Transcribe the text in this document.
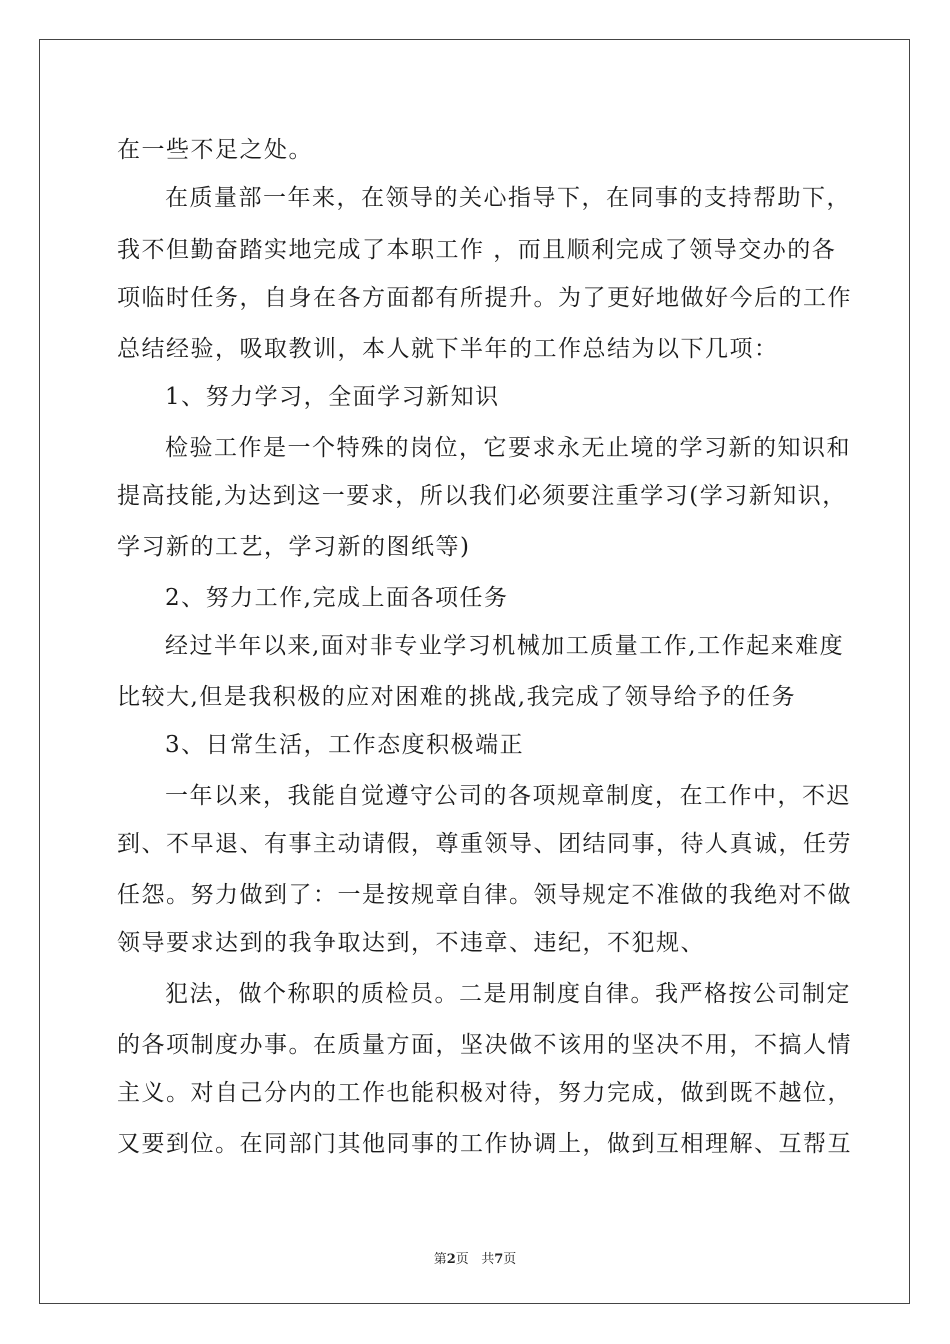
在一些不足之处。
在质量部一年来，在领导的关心指导下，在同事的支持帮助下，
我不但勤奋踏实地完成了本职工作 ，而且顺利完成了领导交办的各
项临时任务，自身在各方面都有所提升。为了更好地做好今后的工作
总结经验，吸取教训，本人就下半年的工作总结为以下几项：
1、努力学习，全面学习新知识
检验工作是一个特殊的岗位，它要求永无止境的学习新的知识和
提高技能,为达到这一要求，所以我们必须要注重学习(学习新知识，
学习新的工艺，学习新的图纸等)
2、努力工作,完成上面各项任务
经过半年以来,面对非专业学习机械加工质量工作,工作起来难度
比较大,但是我积极的应对困难的挑战,我完成了领导给予的任务
3、日常生活，工作态度积极端正
一年以来，我能自觉遵守公司的各项规章制度，在工作中，不迟
到、不早退、有事主动请假，尊重领导、团结同事，待人真诚，任劳
任怨。努力做到了：一是按规章自律。领导规定不准做的我绝对不做
领导要求达到的我争取达到，不违章、违纪，不犯规、
犯法，做个称职的质检员。二是用制度自律。我严格按公司制定
的各项制度办事。在质量方面，坚决做不该用的坚决不用，不搞人情
主义。对自己分内的工作也能积极对待，努力完成，做到既不越位，
又要到位。在同部门其他同事的工作协调上，做到互相理解、互帮互
第2页 共7页
